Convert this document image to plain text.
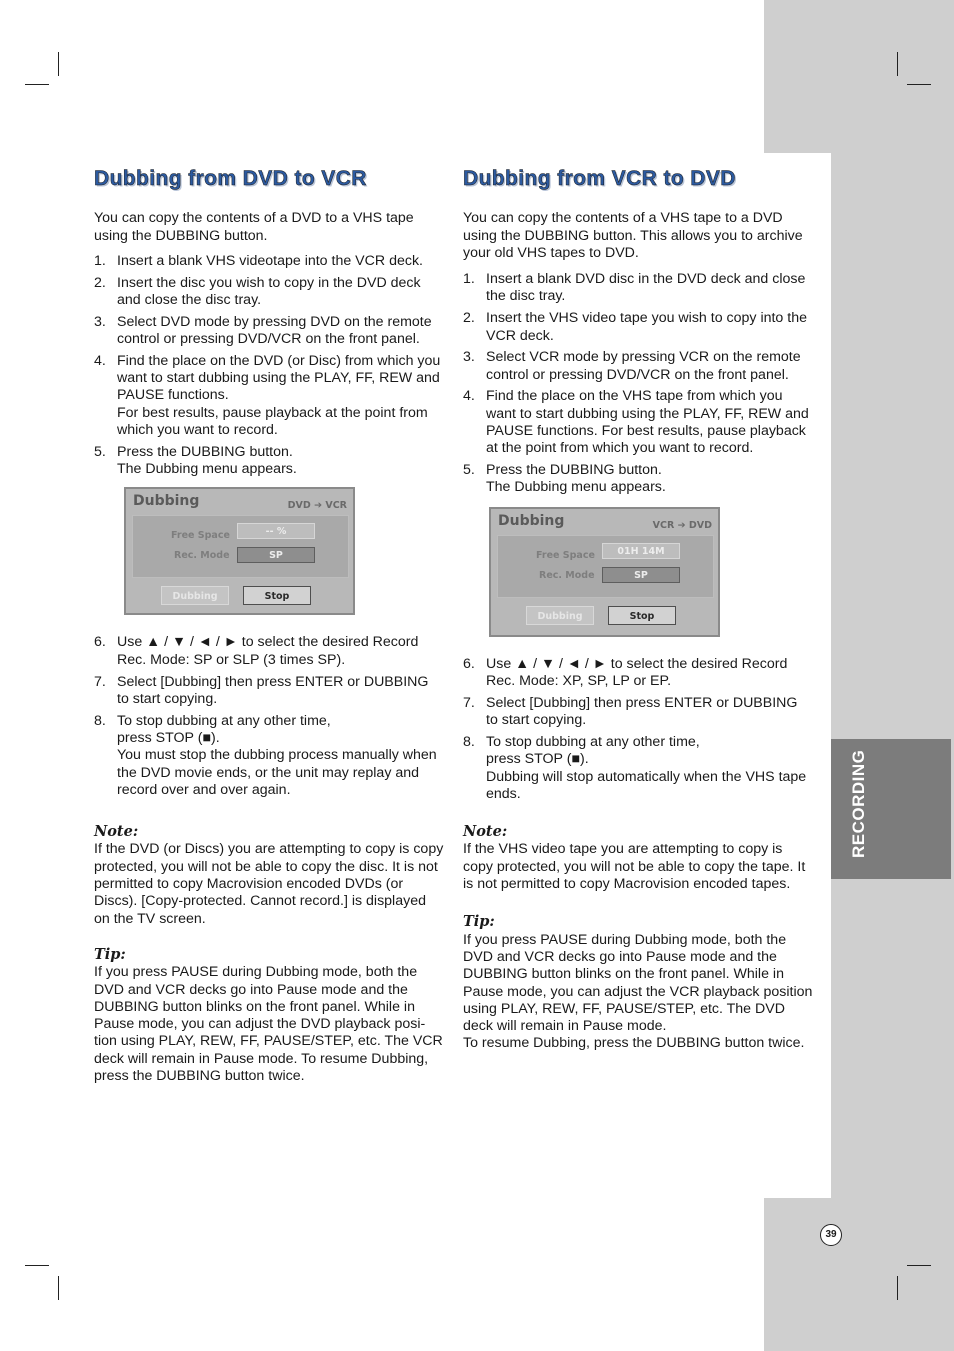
RECORDING
39
Dubbing from DVD to VCR

You can copy the contents of a DVD to a VHS tape using the DUBBING button.

1. Insert a blank VHS videotape into the VCR deck.
2. Insert the disc you wish to copy in the DVD deck and close the disc tray.
3. Select DVD mode by pressing DVD on the remote control or pressing DVD/VCR on the front panel.
4. Find the place on the DVD (or Disc) from which you want to start dubbing using the PLAY, FF, REW and PAUSE functions.
For best results, pause playback at the point from which you want to record.
5. Press the DUBBING button.
The Dubbing menu appears.
Dubbing	DVD ➔ VCR
Free Space	-- %
Rec. Mode	SP
Dubbing	Stop
6. Use ▲ / ▼ / ◄ / ► to select the desired Record Rec. Mode: SP or SLP (3 times SP).
7. Select [Dubbing] then press ENTER or DUBBING to start copying.
8. To stop dubbing at any other time,
press STOP (■).
You must stop the dubbing process manually when the DVD movie ends, or the unit may replay and record over and over again.
Note:

If the DVD (or Discs) you are attempting to copy is copy protected, you will not be able to copy the disc. It is not permitted to copy Macrovision encoded DVDs (or Discs). [Copy-protected. Cannot record.] is displayed on the TV screen.

Tip:

If you press PAUSE during Dubbing mode, both the DVD and VCR decks go into Pause mode and the DUBBING button blinks on the front panel. While in Pause mode, you can adjust the DVD playback posi-tion using PLAY, REW, FF, PAUSE/STEP, etc. The VCR deck will remain in Pause mode. To resume Dubbing, press the DUBBING button twice.

Dubbing from VCR to DVD

You can copy the contents of a VHS tape to a DVD using the DUBBING button. This allows you to archive your old VHS tapes to DVD.

1. Insert a blank DVD disc in the DVD deck and close the disc tray.
2. Insert the VHS video tape you wish to copy into the VCR deck.
3. Select VCR mode by pressing VCR on the remote control or pressing DVD/VCR on the front panel.
4. Find the place on the VHS tape from which you want to start dubbing using the PLAY, FF, REW and PAUSE functions. For best results, pause playback at the point from which you want to record.
5. Press the DUBBING button.
The Dubbing menu appears.
Dubbing	VCR ➔ DVD
Free Space	01H 14M
Rec. Mode	SP
Dubbing	Stop
6. Use ▲ / ▼ / ◄ / ► to select the desired Record Rec. Mode: XP, SP, LP or EP.
7. Select [Dubbing] then press ENTER or DUBBING to start copying.
8. To stop dubbing at any other time,
press STOP (■).
Dubbing will stop automatically when the VHS tape ends.
Note:

If the VHS video tape you are attempting to copy is copy protected, you will not be able to copy the tape. It is not permitted to copy Macrovision encoded tapes.

Tip:

If you press PAUSE during Dubbing mode, both the DVD and VCR decks go into Pause mode and the DUBBING button blinks on the front panel. While in Pause mode, you can adjust the VCR playback position using PLAY, REW, FF, PAUSE/STEP, etc. The DVD deck will remain in Pause mode.
To resume Dubbing, press the DUBBING button twice.
